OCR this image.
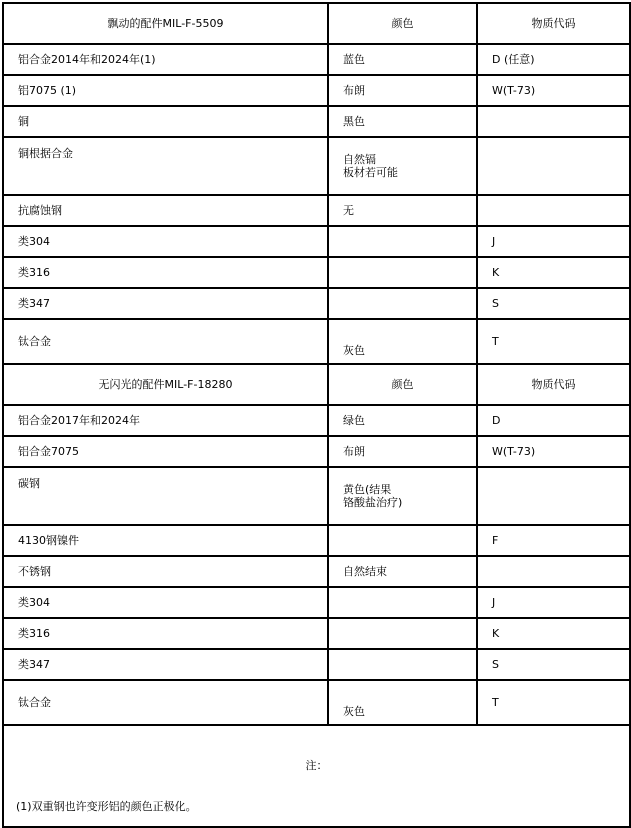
飘动的配件MIL-F-5509	颜色	物质代码
铝合金2014年和2024年(1)	蓝色	D (任意)
铝7075 (1)	布朗	W(T-73)
铜	黑色	
铜根据合金	自然镉
板材若可能	
抗腐蚀钢	无	
类304		J
类316		K
类347		S
钛合金	灰色	T
无闪光的配件MIL-F-18280	颜色	物质代码
铝合金2017年和2024年	绿色	D
铝合金7075	布朗	W(T-73)
碳钢	黄色(结果
铬酸盐治疗)	
4130钢镍件		F
不锈钢	自然结束	
类304		J
类316		K
类347		S
钛合金	灰色	T

注：

(1)双重钢也许变形铝的颜色正极化。		
